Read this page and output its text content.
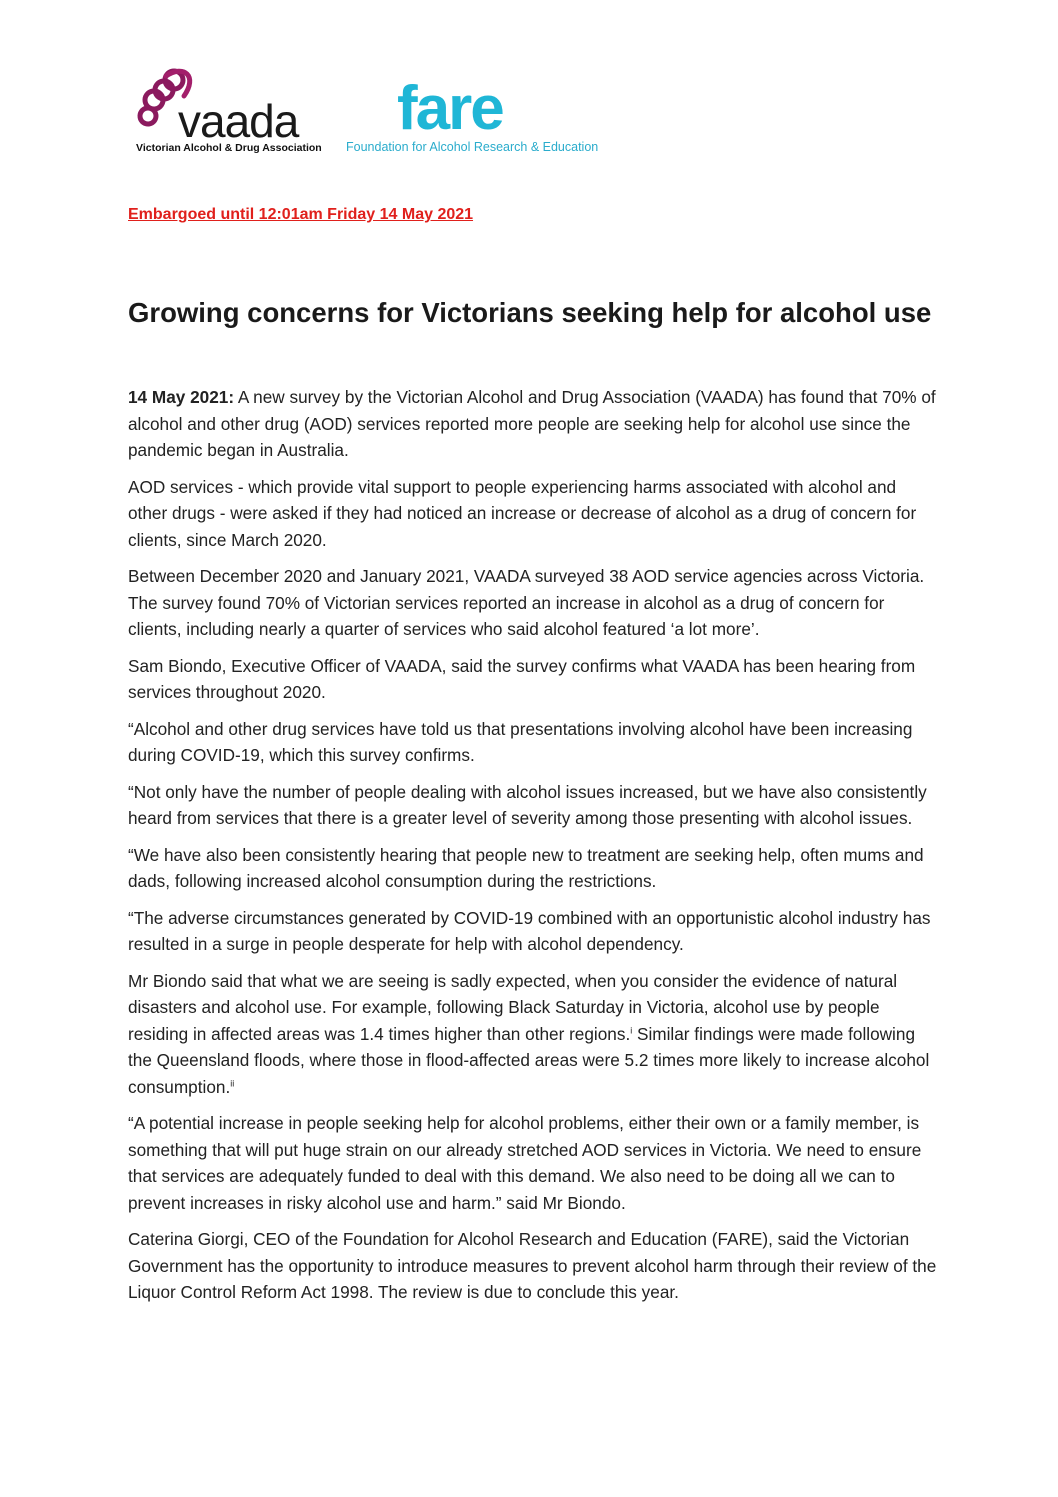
vaada
Victorian Alcohol & Drug Association
fare
Foundation for Alcohol Research & Education
Embargoed until 12:01am Friday 14 May 2021
Growing concerns for Victorians seeking help for alcohol use

14 May 2021: A new survey by the Victorian Alcohol and Drug Association (VAADA) has found that 70% of alcohol and other drug (AOD) services reported more people are seeking help for alcohol use since the pandemic began in Australia.

AOD services - which provide vital support to people experiencing harms associated with alcohol and other drugs - were asked if they had noticed an increase or decrease of alcohol as a drug of concern for clients, since March 2020.

Between December 2020 and January 2021, VAADA surveyed 38 AOD service agencies across Victoria. The survey found 70% of Victorian services reported an increase in alcohol as a drug of concern for clients, including nearly a quarter of services who said alcohol featured ‘a lot more’.

Sam Biondo, Executive Officer of VAADA, said the survey confirms what VAADA has been hearing from services throughout 2020.

“Alcohol and other drug services have told us that presentations involving alcohol have been increasing during COVID-19, which this survey confirms.

“Not only have the number of people dealing with alcohol issues increased, but we have also consistently heard from services that there is a greater level of severity among those presenting with alcohol issues.

“We have also been consistently hearing that people new to treatment are seeking help, often mums and dads, following increased alcohol consumption during the restrictions.

“The adverse circumstances generated by COVID-19 combined with an opportunistic alcohol industry has resulted in a surge in people desperate for help with alcohol dependency.

Mr Biondo said that what we are seeing is sadly expected, when you consider the evidence of natural disasters and alcohol use. For example, following Black Saturday in Victoria, alcohol use by people residing in affected areas was 1.4 times higher than other regions.$^i$ Similar findings were made following the Queensland floods, where those in flood-affected areas were 5.2 times more likely to increase alcohol consumption.$^{ii}$

“A potential increase in people seeking help for alcohol problems, either their own or a family member, is something that will put huge strain on our already stretched AOD services in Victoria. We need to ensure that services are adequately funded to deal with this demand. We also need to be doing all we can to prevent increases in risky alcohol use and harm.” said Mr Biondo.

Caterina Giorgi, CEO of the Foundation for Alcohol Research and Education (FARE), said the Victorian Government has the opportunity to introduce measures to prevent alcohol harm through their review of the Liquor Control Reform Act 1998. The review is due to conclude this year.
